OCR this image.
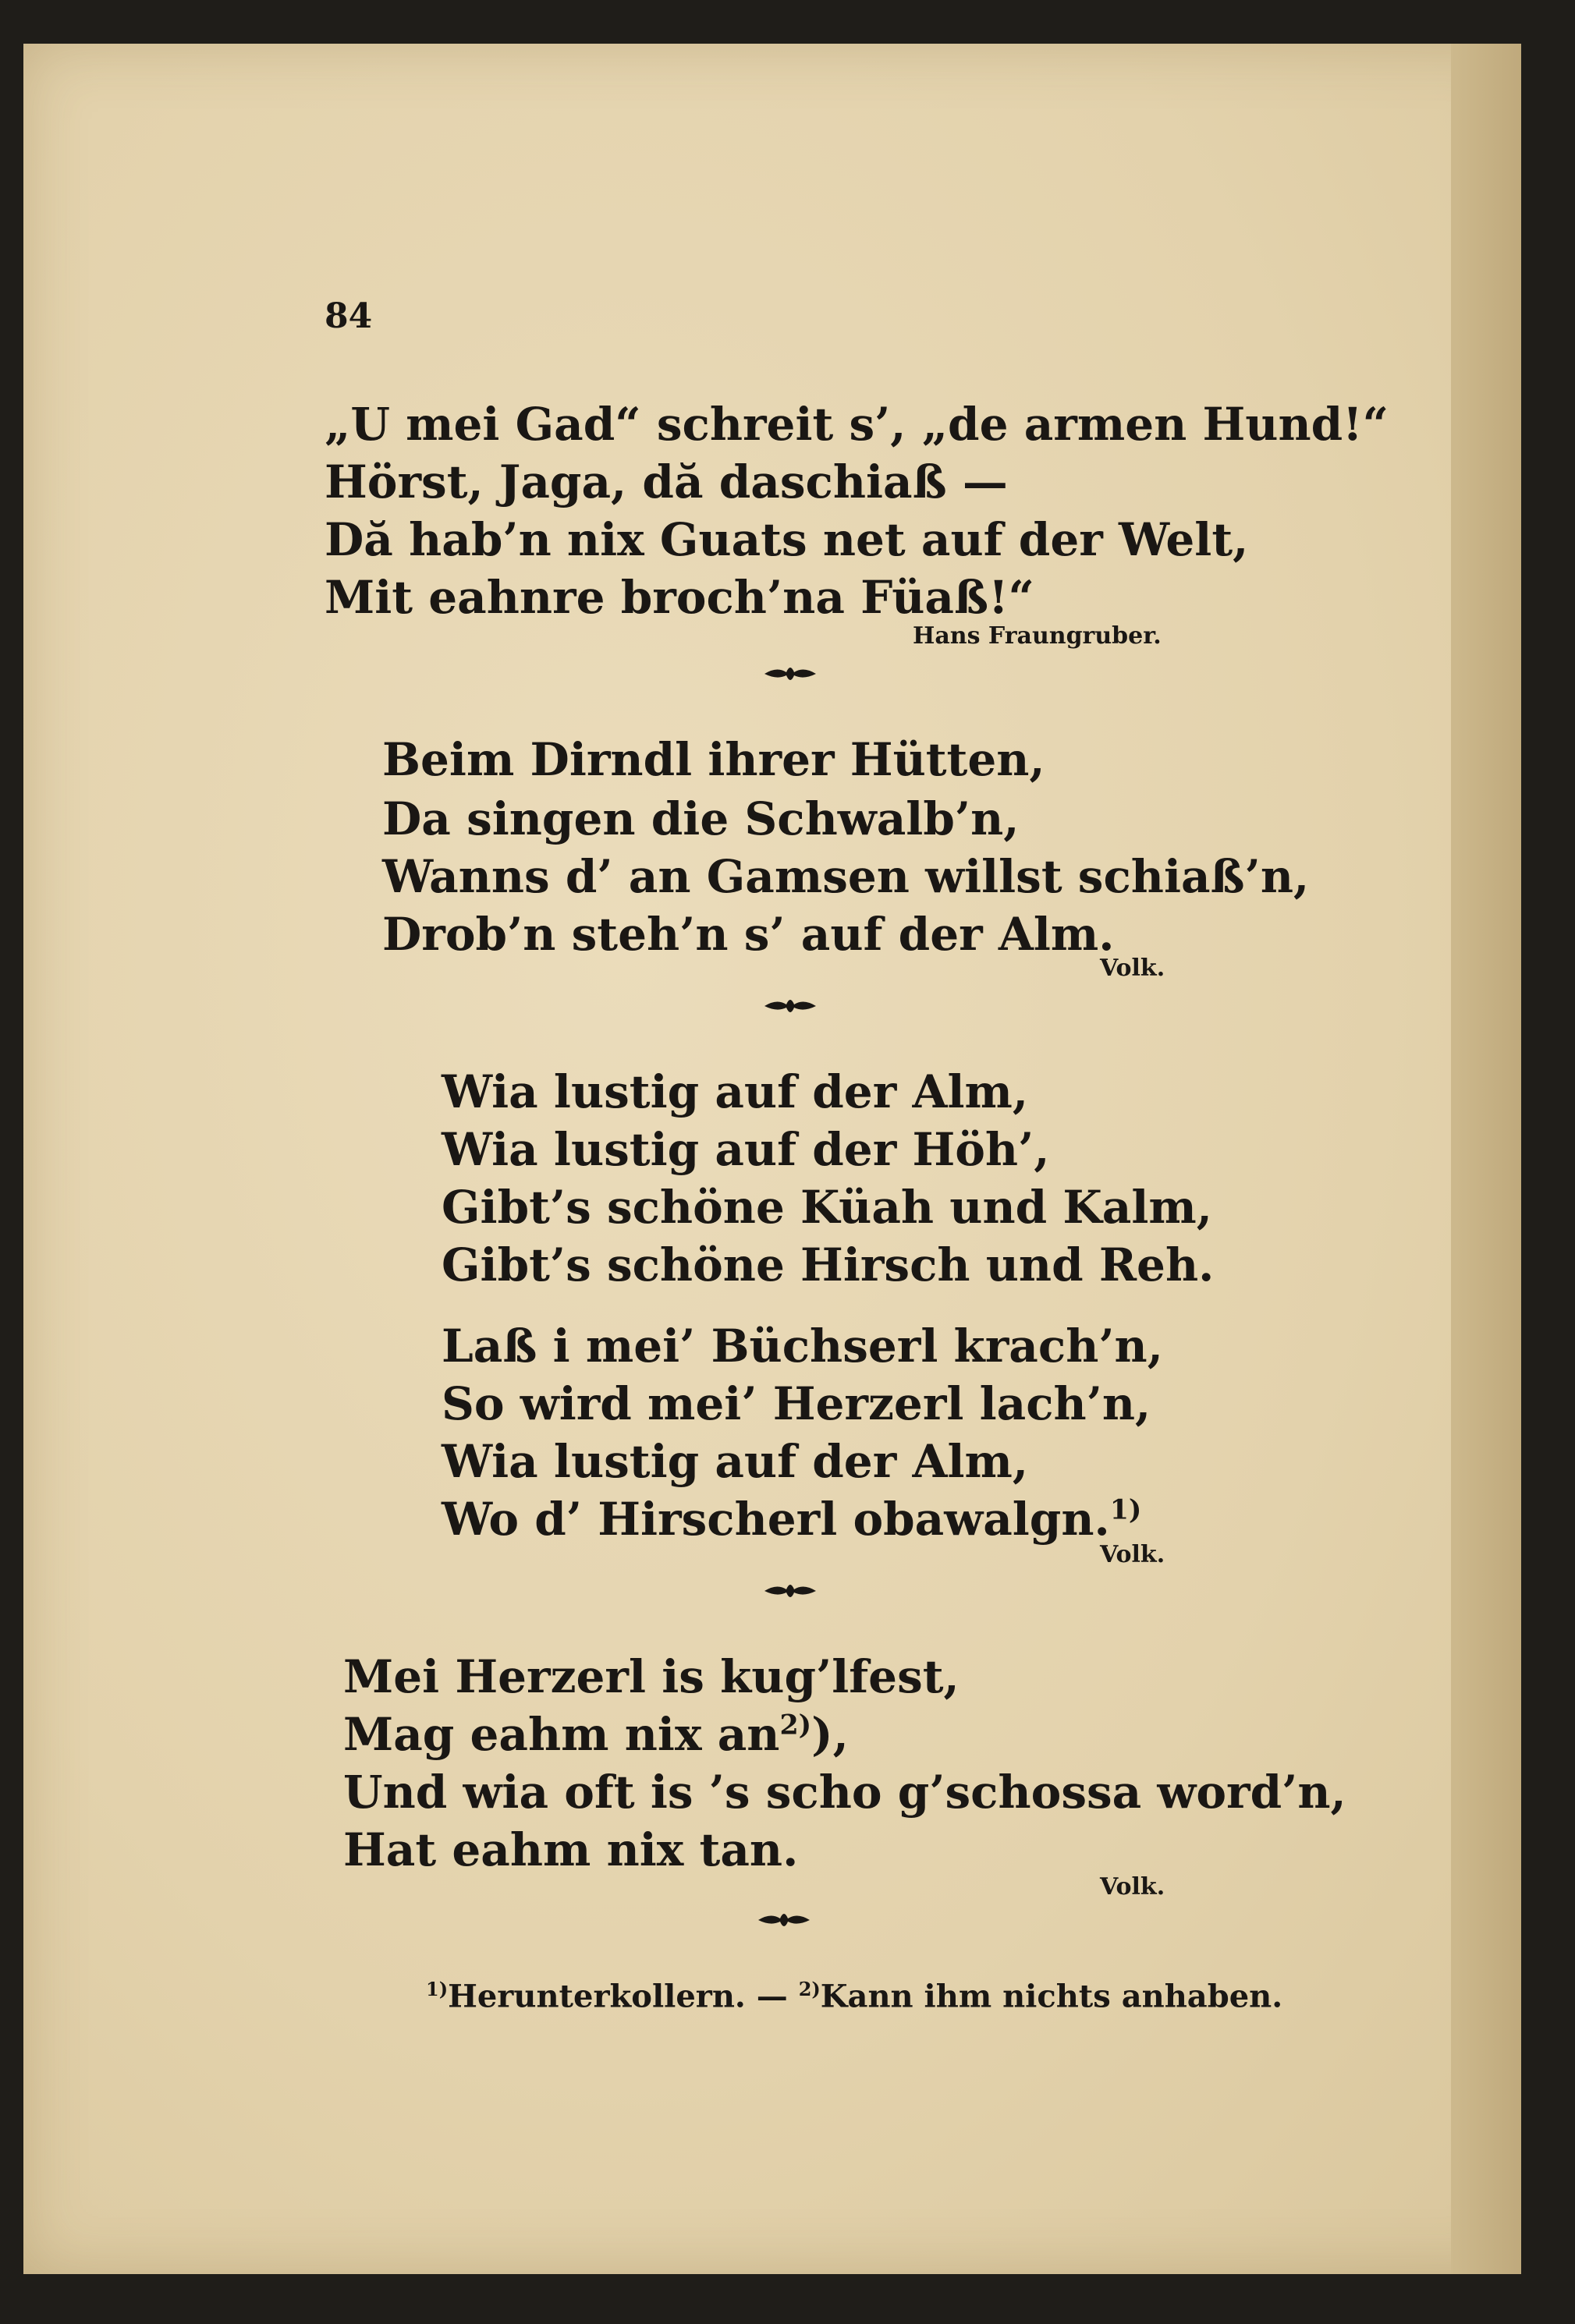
84
„U mei Gad“ schreit s’, „de armen Hund!“
Hörst, Jaga, dă daschiaß —
Dă hab’n nix Guats net auf der Welt,
Mit eahnre broch’na Füaß!“
Hans Fraungruber.
Beim Dirndl ihrer Hütten,
Da singen die Schwalb’n,
Wanns d’ an Gamsen willst schiaß’n,
Drob’n steh’n s’ auf der Alm.
Volk.
Wia lustig auf der Alm,
Wia lustig auf der Höh’,
Gibt’s schöne Küah und Kalm,
Gibt’s schöne Hirsch und Reh.
Laß i mei’ Büchserl krach’n,
So wird mei’ Herzerl lach’n,
Wia lustig auf der Alm,
Wo d’ Hirscherl obawalgn.$^{1)}$
Volk.
Mei Herzerl is kug’lfest,
Mag eahm nix $an^{2)}$),
Und wia oft is ’s scho g’schossa word’n,
Hat eahm nix tan.
Volk.
$^{1)}$Herunterkollern. — $^{2)}$Kann ihm nichts anhaben.
